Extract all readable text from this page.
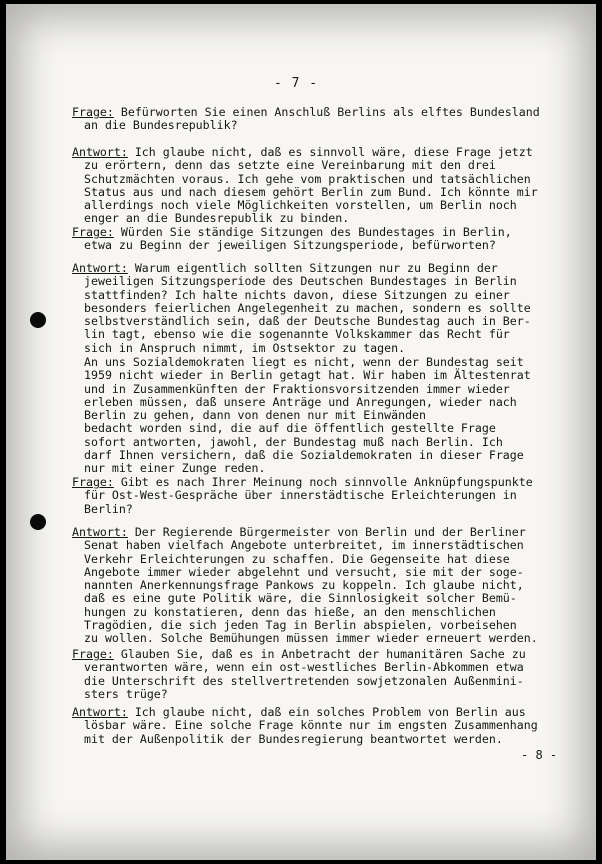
- 7 -
Frage: Befürworten Sie einen Anschluß Berlins als elftes Bundesland
an die Bundesrepublik?
Antwort: Ich glaube nicht, daß es sinnvoll wäre, diese Frage jetzt
zu erörtern, denn das setzte eine Vereinbarung mit den drei
Schutzmächten voraus. Ich gehe vom praktischen und tatsächlichen
Status aus und nach diesem gehört Berlin zum Bund. Ich könnte mir
allerdings noch viele Möglichkeiten vorstellen, um Berlin noch
enger an die Bundesrepublik zu binden.
Frage: Würden Sie ständige Sitzungen des Bundestages in Berlin,
etwa zu Beginn der jeweiligen Sitzungsperiode, befürworten?
Antwort: Warum eigentlich sollten Sitzungen nur zu Beginn der
jeweiligen Sitzungsperiode des Deutschen Bundestages in Berlin
stattfinden? Ich halte nichts davon, diese Sitzungen zu einer
besonders feierlichen Angelegenheit zu machen, sondern es sollte
selbstverständlich sein, daß der Deutsche Bundestag auch in Ber-
lin tagt, ebenso wie die sogenannte Volkskammer das Recht für
sich in Anspruch nimmt, im Ostsektor zu tagen.
An uns Sozialdemokraten liegt es nicht, wenn der Bundestag seit
1959 nicht wieder in Berlin getagt hat. Wir haben im Ältestenrat
und in Zusammenkünften der Fraktionsvorsitzenden immer wieder
erleben müssen, daß unsere Anträge und Anregungen, wieder nach
Berlin zu gehen, dann von denen nur mit Einwänden
bedacht worden sind, die auf die öffentlich gestellte Frage
sofort antworten, jawohl, der Bundestag muß nach Berlin. Ich
darf Ihnen versichern, daß die Sozialdemokraten in dieser Frage
nur mit einer Zunge reden.
Frage: Gibt es nach Ihrer Meinung noch sinnvolle Anknüpfungspunkte
für Ost-West-Gespräche über innerstädtische Erleichterungen in
Berlin?
Antwort: Der Regierende Bürgermeister von Berlin und der Berliner
Senat haben vielfach Angebote unterbreitet, im innerstädtischen
Verkehr Erleichterungen zu schaffen. Die Gegenseite hat diese
Angebote immer wieder abgelehnt und versucht, sie mit der soge-
nannten Anerkennungsfrage Pankows zu koppeln. Ich glaube nicht,
daß es eine gute Politik wäre, die Sinnlosigkeit solcher Bemü-
hungen zu konstatieren, denn das hieße, an den menschlichen
Tragödien, die sich jeden Tag in Berlin abspielen, vorbeisehen
zu wollen. Solche Bemühungen müssen immer wieder erneuert werden.
Frage: Glauben Sie, daß es in Anbetracht der humanitären Sache zu
verantworten wäre, wenn ein ost-westliches Berlin-Abkommen etwa
die Unterschrift des stellvertretenden sowjetzonalen Außenmini-
sters trüge?
Antwort: Ich glaube nicht, daß ein solches Problem von Berlin aus
lösbar wäre. Eine solche Frage könnte nur im engsten Zusammenhang
mit der Außenpolitik der Bundesregierung beantwortet werden.
- 8 -
